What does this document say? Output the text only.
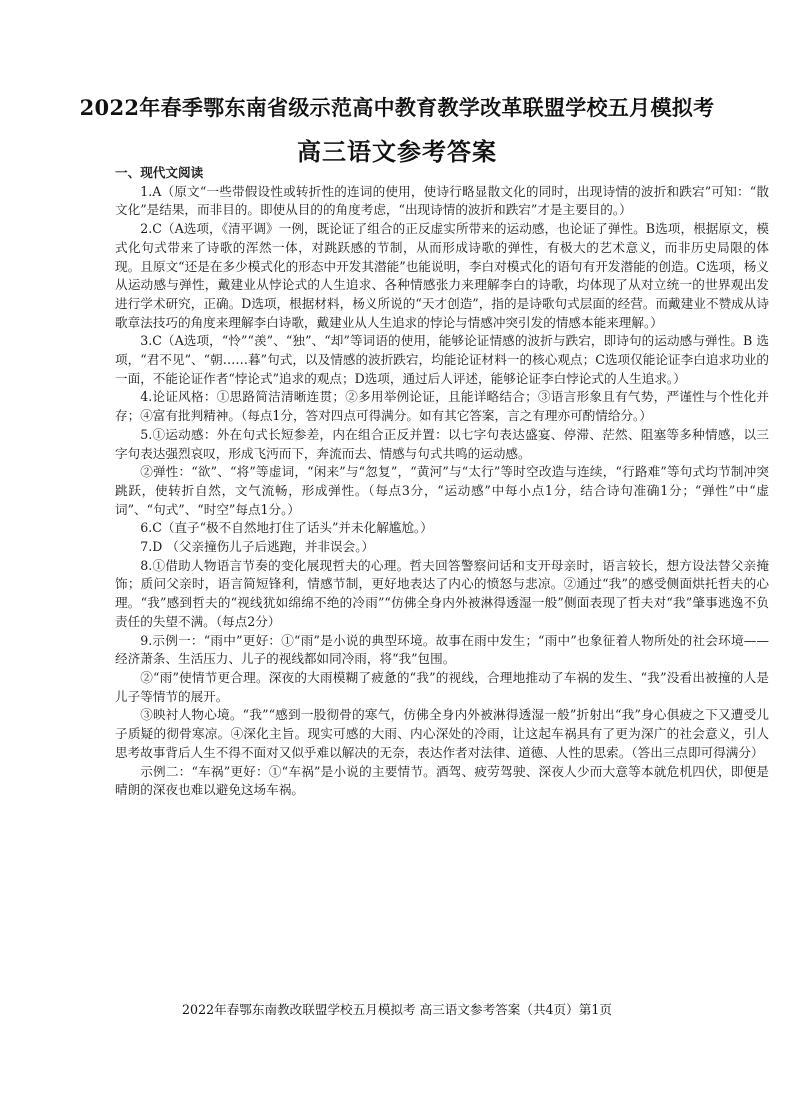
2022年春季鄂东南省级示范高中教育教学改革联盟学校五月模拟考
高三语文参考答案
一、现代文阅读

1.A（原文“一些带假设性或转折性的连词的使用，使诗行略显散文化的同时，出现诗情的波折和跌宕”可知：“散文化”是结果，而非目的。即使从目的的角度考虑，“出现诗情的波折和跌宕”才是主要目的。）

2.C（A选项，《清平调》一例，既论证了组合的正反虚实所带来的运动感，也论证了弹性。B选项，根据原文，模式化句式带来了诗歌的浑然一体，对跳跃感的节制，从而形成诗歌的弹性，有极大的艺术意义，而非历史局限的体现。且原文“还是在多少模式化的形态中开发其潜能”也能说明，李白对模式化的语句有开发潜能的创造。C选项，杨义从运动感与弹性，戴建业从悖论式的人生追求、各种情感张力来理解李白的诗歌，均体现了从对立统一的世界观出发进行学术研究，正确。D选项，根据材料，杨义所说的“天才创造”，指的是诗歌句式层面的经营。而戴建业不赞成从诗歌章法技巧的角度来理解李白诗歌，戴建业从人生追求的悖论与情感冲突引发的情感本能来理解。）

3.C（A选项，“怜”“羡”、“独”、“却”等词语的使用，能够论证情感的波折与跌宕，即诗句的运动感与弹性。B 选项，“君不见”、“朝……暮”句式，以及情感的波折跌宕，均能论证材料一的核心观点；C选项仅能论证李白追求功业的一面，不能论证作者“悖论式”追求的观点；D选项，通过后人评述，能够论证李白悖论式的人生追求。）

4.论证风格：①思路简洁清晰连贯；②多用举例论证，且能详略结合；③语言形象且有气势，严谨性与个性化并存；④富有批判精神。（每点1分，答对四点可得满分。如有其它答案，言之有理亦可酌情给分。）

5.①运动感：外在句式长短参差，内在组合正反并置：以七字句表达盛宴、停滞、茫然、阻塞等多种情感，以三字句表达强烈哀叹，形成飞沔而下，奔流而去、情感与句式共鸣的运动感。

②弹性：“欲”、“将”等虚词，“闲来”与“忽复”，“黄河”与“太行”等时空改造与连续，“行路难”等句式均节制冲突跳跃，使转折自然，文气流畅，形成弹性。（每点3分，“运动感”中每小点1分，结合诗句准确1分；“弹性”中“虚词”、“句式”、“时空”每点1分。）

6.C（直子“极不自然地打住了话头”并未化解尴尬。）

7.D （父亲撞伤儿子后逃跑，并非误会。）

8.①借助人物语言节奏的变化展现哲夫的心理。哲夫回答警察问话和支开母亲时，语言较长，想方设法替父亲掩饰；质问父亲时，语言简短锋利，情感节制，更好地表达了内心的愤怒与悲凉。②通过“我”的感受侧面烘托哲夫的心理。“我”感到哲夫的“视线犹如绵绵不绝的冷雨”“仿佛全身内外被淋得透湿一般”侧面表现了哲夫对“我”肇事逃逸不负责任的失望不满。（每点2分）

9.示例一：“雨中”更好：①“雨”是小说的典型环境。故事在雨中发生；“雨中”也象征着人物所处的社会环境——经济萧条、生活压力、儿子的视线都如同冷雨，将“我”包围。

②“雨”使情节更合理。深夜的大雨模糊了疲惫的“我”的视线，合理地推动了车祸的发生、“我”没看出被撞的人是儿子等情节的展开。

③映衬人物心境。“我”“感到一股彻骨的寒气，仿佛全身内外被淋得透湿一般”折射出“我”身心俱疲之下又遭受儿子质疑的彻骨寒凉。④深化主旨。现实可感的大雨、内心深处的冷雨，让这起车祸具有了更为深广的社会意义，引人思考故事背后人生不得不面对又似乎难以解决的无奈，表达作者对法律、道德、人性的思索。（答出三点即可得满分）

示例二：“车祸”更好：①“车祸”是小说的主要情节。酒驾、疲劳驾驶、深夜人少而大意等本就危机四伏，即便是晴朗的深夜也难以避免这场车祸。

2022年春鄂东南教改联盟学校五月模拟考 高三语文参考答案（共4页）第1页
